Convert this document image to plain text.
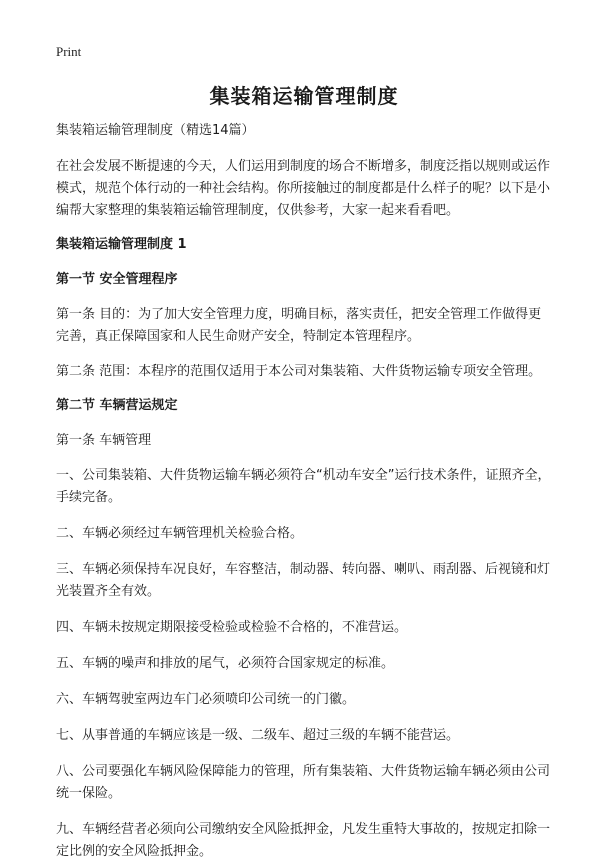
Print
集装箱运输管理制度
集装箱运输管理制度（精选14篇）

在社会发展不断提速的今天，人们运用到制度的场合不断增多，制度泛指以规则或运作模式，规范个体行动的一种社会结构。你所接触过的制度都是什么样子的呢？以下是小编帮大家整理的集装箱运输管理制度，仅供参考，大家一起来看看吧。

集装箱运输管理制度 1
第一节 安全管理程序

第一条 目的：为了加大安全管理力度，明确目标，落实责任，把安全管理工作做得更完善，真正保障国家和人民生命财产安全，特制定本管理程序。

第二条 范围：本程序的范围仅适用于本公司对集装箱、大件货物运输专项安全管理。

第二节 车辆营运规定

第一条 车辆管理

一、公司集装箱、大件货物运输车辆必须符合“机动车安全”运行技术条件，证照齐全，手续完备。

二、车辆必须经过车辆管理机关检验合格。

三、车辆必须保持车况良好，车容整洁，制动器、转向器、喇叭、雨刮器、后视镜和灯光装置齐全有效。

四、车辆未按规定期限接受检验或检验不合格的，不准营运。

五、车辆的噪声和排放的尾气，必须符合国家规定的标准。

六、车辆驾驶室两边车门必须喷印公司统一的门徽。

七、从事普通的车辆应该是一级、二级车、超过三级的车辆不能营运。

八、公司要强化车辆风险保障能力的管理，所有集装箱、大件货物运输车辆必须由公司统一保险。

九、车辆经营者必须向公司缴纳安全风险抵押金，凡发生重特大事故的，按规定扣除一定比例的安全风险抵押金。
